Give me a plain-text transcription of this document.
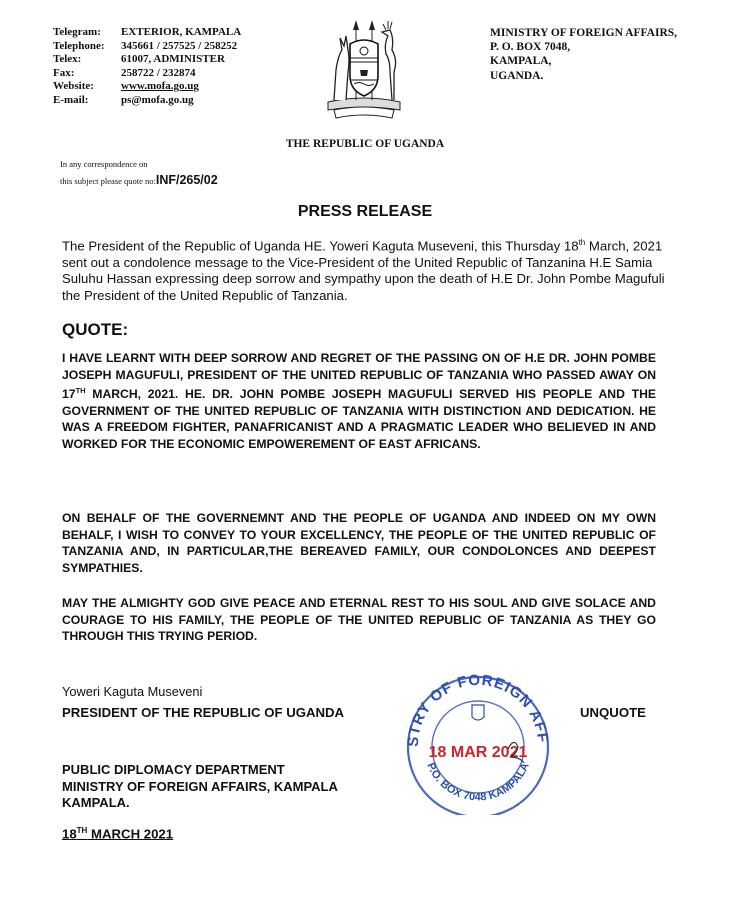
Telegram:	EXTERIOR, KAMPALA
Telephone:	345661 / 257525 / 258252
Telex:	61007, ADMINISTER
Fax:	258722 / 232874
Website:	www.mofa.go.ug
E-mail:	ps@mofa.go.ug
MINISTRY OF FOREIGN AFFAIRS,
P. O. BOX 7048,
KAMPALA,
UGANDA.
THE REPUBLIC OF UGANDA
In any correspondence on
this subject please quote no:INF/265/02
PRESS RELEASE
The President of the Republic of Uganda HE. Yoweri Kaguta Museveni, this Thursday 18th March, 2021 sent out a condolence message to the Vice-President of the United Republic of Tanzanina H.E Samia Suluhu Hassan expressing deep sorrow and sympathy upon the death of H.E Dr. John Pombe Magufuli the President of the United Republic of Tanzania.
QUOTE:
I HAVE LEARNT WITH DEEP SORROW AND REGRET OF THE PASSING ON OF H.E DR. JOHN POMBE JOSEPH MAGUFULI, PRESIDENT OF THE UNITED REPUBLIC OF TANZANIA WHO PASSED AWAY ON 17TH MARCH, 2021. HE. DR. JOHN POMBE JOSEPH MAGUFULI SERVED HIS PEOPLE AND THE GOVERNMENT OF THE UNITED REPUBLIC OF TANZANIA WITH DISTINCTION AND DEDICATION. HE WAS A FREEDOM FIGHTER, PANAFRICANIST AND A PRAGMATIC LEADER WHO BELIEVED IN AND WORKED FOR THE ECONOMIC EMPOWEREMENT OF EAST AFRICANS.
ON BEHALF OF THE GOVERNEMNT AND THE PEOPLE OF UGANDA AND INDEED ON MY OWN BEHALF, I WISH TO CONVEY TO YOUR EXCELLENCY, THE PEOPLE OF THE UNITED REPUBLIC OF TANZANIA AND, IN PARTICULAR,THE BEREAVED FAMILY, OUR CONDOLONCES AND DEEPEST SYMPATHIES.
MAY THE ALMIGHTY GOD GIVE PEACE AND ETERNAL REST TO HIS SOUL AND GIVE SOLACE AND COURAGE TO HIS FAMILY, THE PEOPLE OF THE UNITED REPUBLIC OF TANZANIA AS THEY GO THROUGH THIS TRYING PERIOD.
Yoweri Kaguta Museveni
PRESIDENT OF THE REPUBLIC OF UGANDA	UNQUOTE
STRY OF FOREIGN AFF
P.O. BOX 7048 KAMPALA
18 MAR 2021
PUBLIC DIPLOMACY DEPARTMENT
MINISTRY OF FOREIGN AFFAIRS, KAMPALA
KAMPALA.
18TH MARCH 2021
